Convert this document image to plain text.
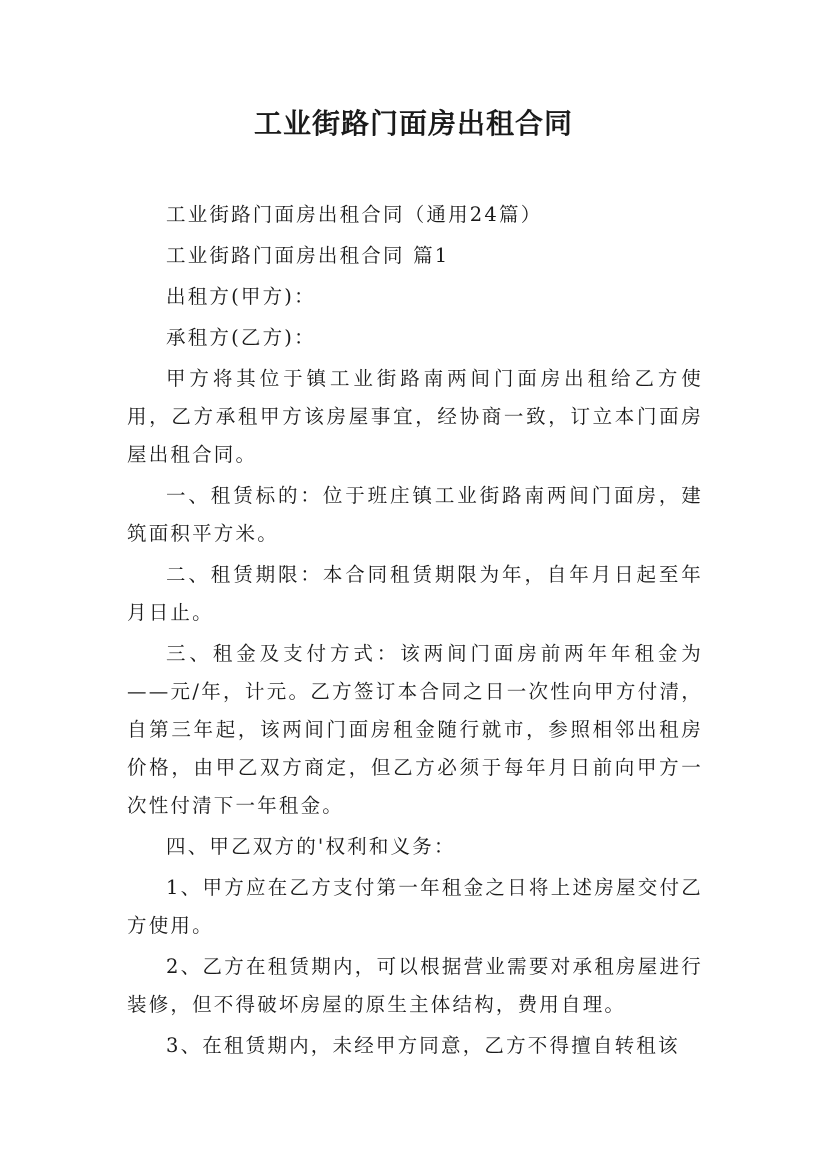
工业街路门面房出租合同

工业街路门面房出租合同（通用24篇）

工业街路门面房出租合同 篇1

出租方(甲方)：

承租方(乙方)：

甲方将其位于镇工业街路南两间门面房出租给乙方使用，乙方承租甲方该房屋事宜，经协商一致，订立本门面房屋出租合同。

一、租赁标的：位于班庄镇工业街路南两间门面房，建筑面积平方米。

二、租赁期限：本合同租赁期限为年，自年月日起至年月日止。

三、租金及支付方式：该两间门面房前两年年租金为——元/年，计元。乙方签订本合同之日一次性向甲方付清，自第三年起，该两间门面房租金随行就市，参照相邻出租房价格，由甲乙双方商定，但乙方必须于每年月日前向甲方一次性付清下一年租金。

四、甲乙双方的'权利和义务：

1、甲方应在乙方支付第一年租金之日将上述房屋交付乙方使用。

2、乙方在租赁期内，可以根据营业需要对承租房屋进行装修，但不得破坏房屋的原生主体结构，费用自理。

3、在租赁期内，未经甲方同意，乙方不得擅自转租该
